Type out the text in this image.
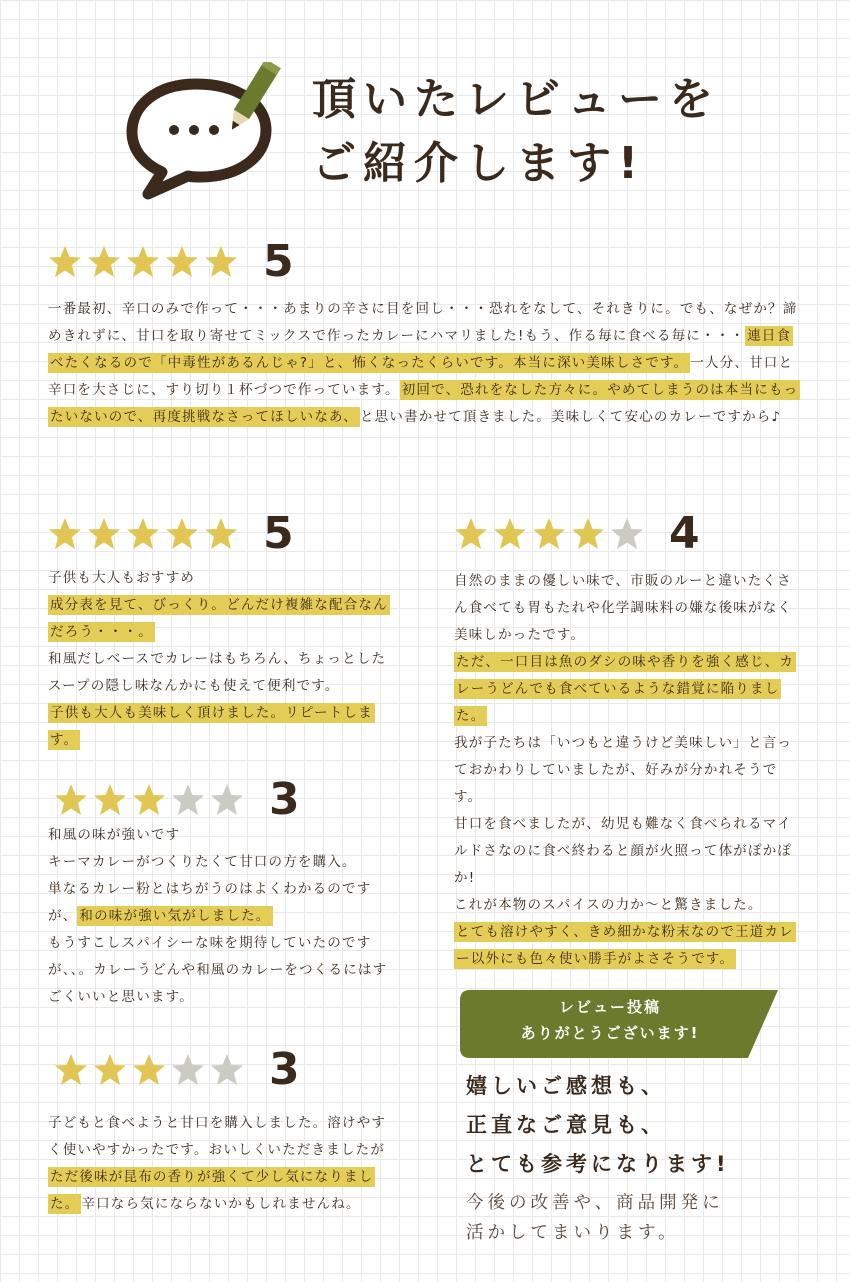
頂いたレビューを
ご紹介します!
5
一番最初、辛口のみで作って・・・あまりの辛さに目を回し・・・恐れをなして、それきりに。でも、なぜか？諦めきれずに、甘口を取り寄せてミックスで作ったカレーにハマリました!もう、作る毎に食べる毎に・・・ 連日食べたくなるので「中毒性があるんじゃ?」と、怖くなったくらいです。本当に深い美味しさです。 一人分、甘口と辛口を大さじに、すり切り１杯づつで作っています。 初回で、恐れをなした方々に。やめてしまうのは本当にもったいないので、再度挑戦なさってほしいなあ、 と思い書かせて頂きました。美味しくて安心のカレーですから♪
5
子供も大人もおすすめ
成分表を見て、びっくり。どんだけ複雑な配合なんだろう・・・。
和風だしベースでカレーはもちろん、ちょっとしたスープの隠し味なんかにも使えて便利です。
子供も大人も美味しく頂けました。リピートします。
4
自然のままの優しい味で、市販のルーと違いたくさん食べても胃もたれや化学調味料の嫌な後味がなく美味しかったです。
ただ、一口目は魚のダシの味や香りを強く感じ、カレーうどんでも食べているような錯覚に陥りました。
我が子たちは「いつもと違うけど美味しい」と言っておかわりしていましたが、好みが分かれそうです。
甘口を食べましたが、幼児も難なく食べられるマイルドさなのに食べ終わると顔が火照って体がぽかぽか!
これが本物のスパイスの力か〜と驚きました。
とても溶けやすく、きめ細かな粉末なので王道カレー以外にも色々使い勝手がよさそうです。
3
和風の味が強いです
キーマカレーがつくりたくて甘口の方を購入。
単なるカレー粉とはちがうのはよくわかるのですが、 和の味が強い気がしました。
もうすこしスパイシーな味を期待していたのですが、、。カレーうどんや和風のカレーをつくるにはすごくいいと思います。
3
子どもと食べようと甘口を購入しました。溶けやすく使いやすかったです。おいしくいただきましたがただ後味が昆布の香りが強くて少し気になりました。 辛口なら気にならないかもしれませんね。
レビュー投稿
ありがとうございます!
嬉しいご感想も、
正直なご意見も、
とても参考になります!
今後の改善や、商品開発に
活かしてまいります。
